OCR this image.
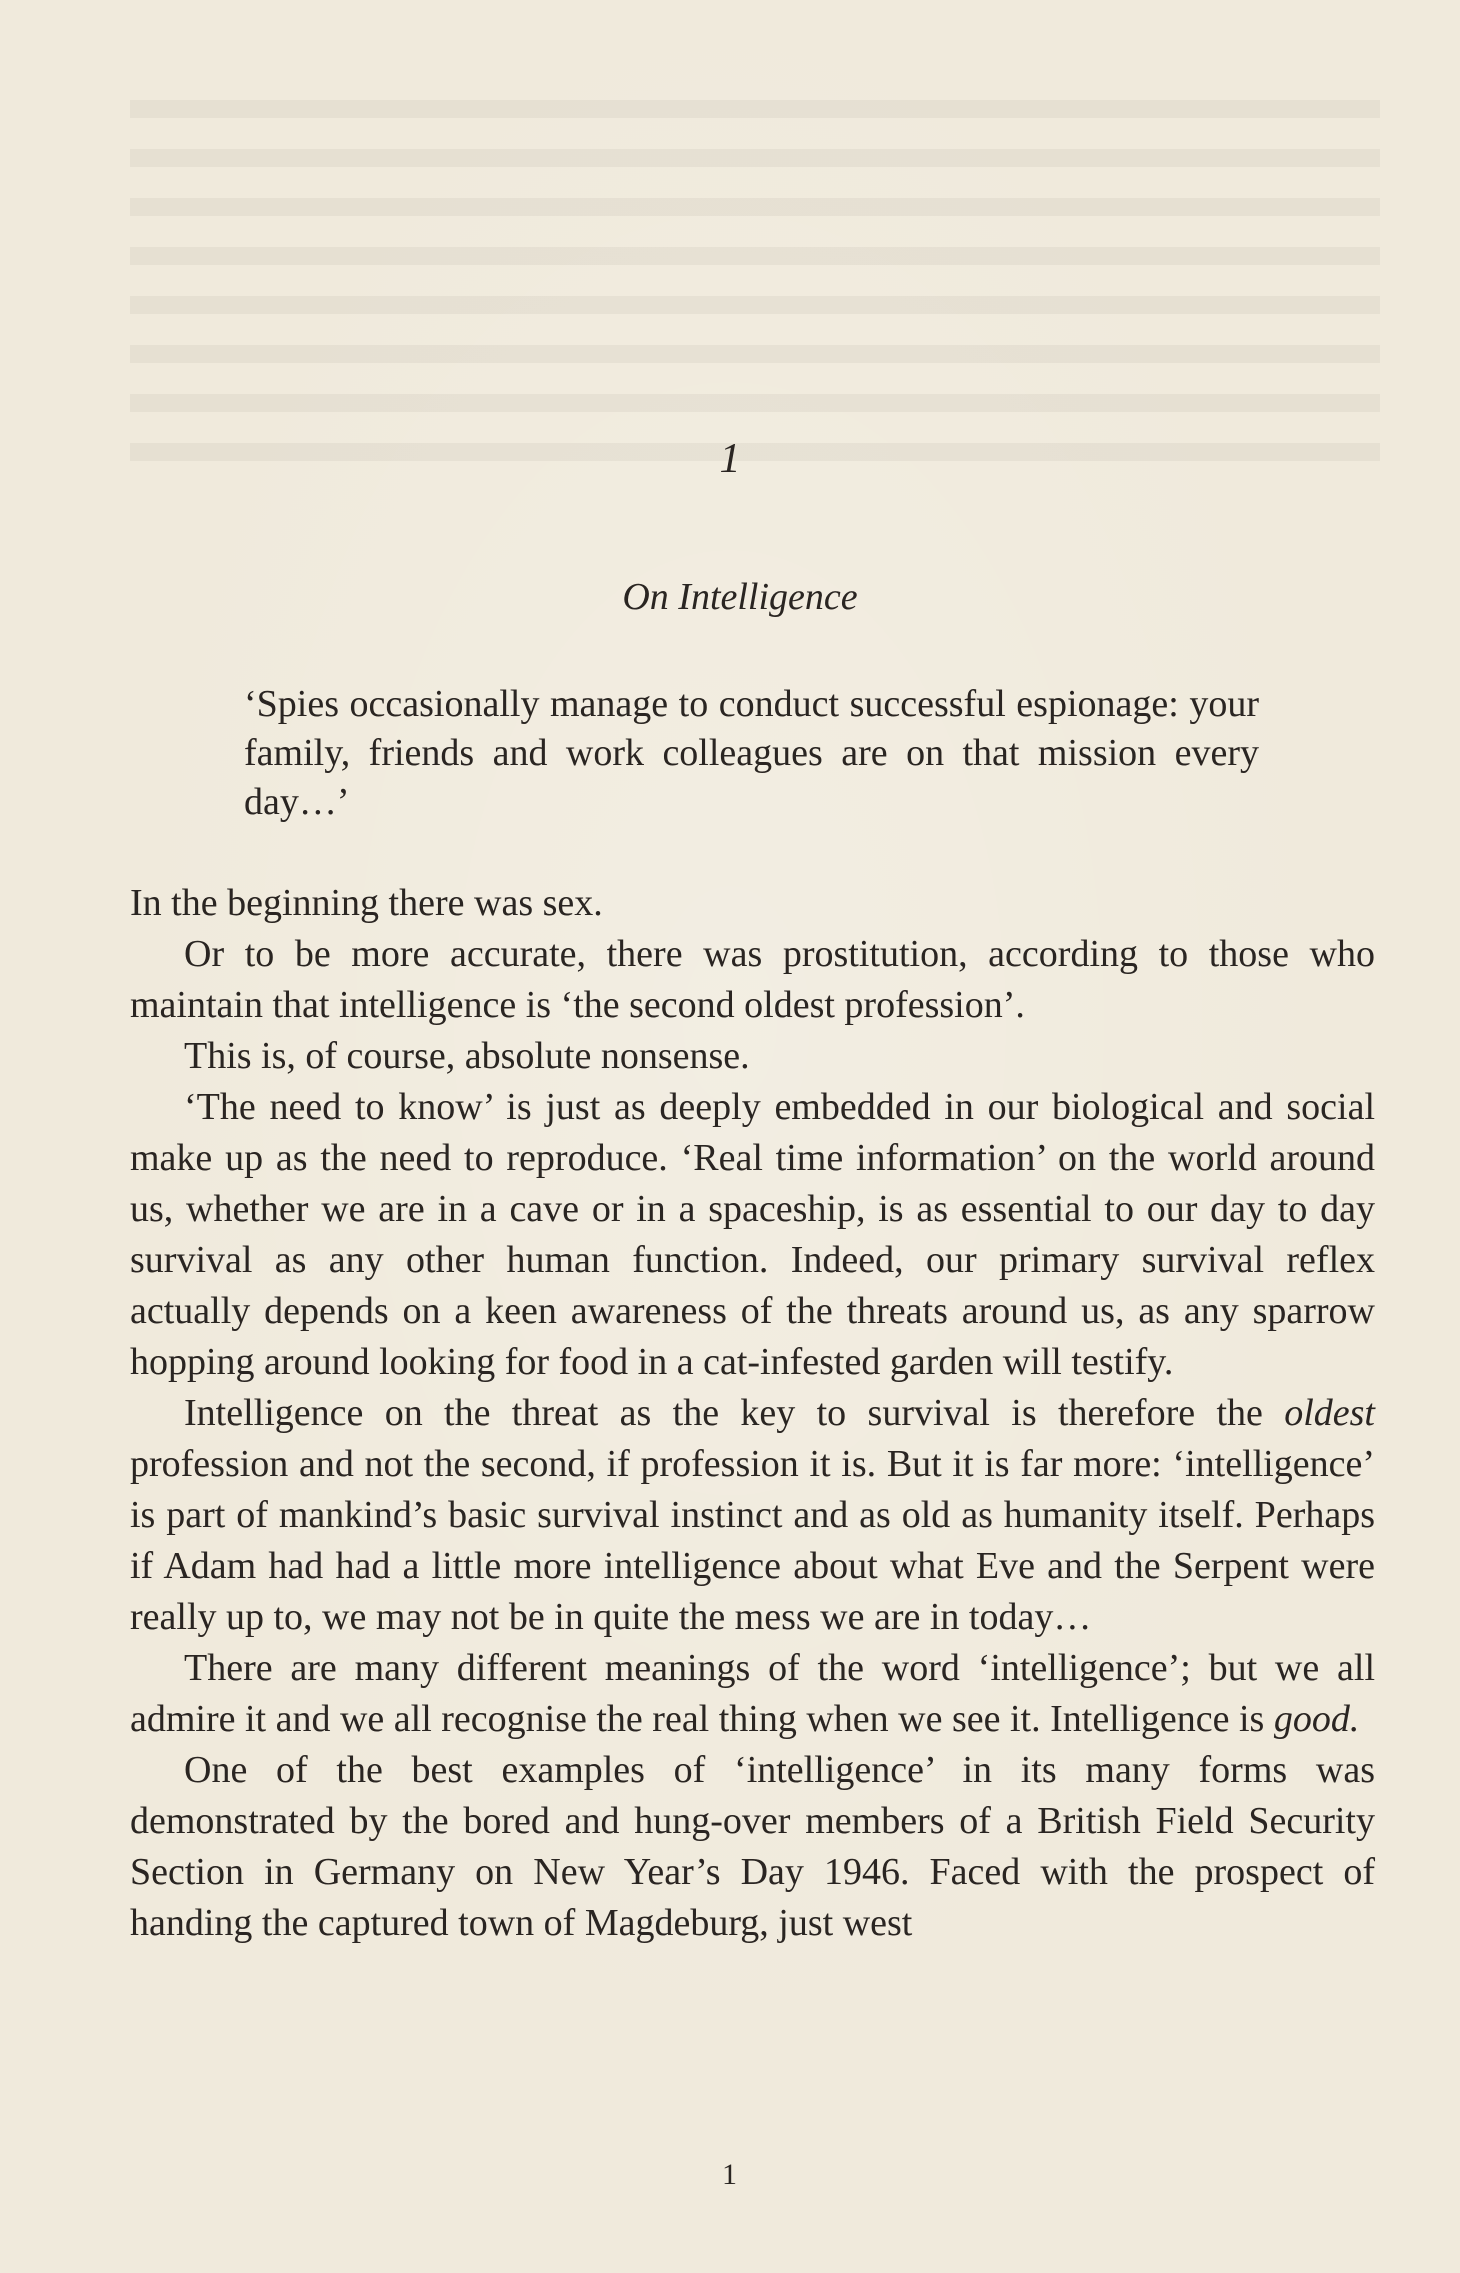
1
On Intelligence
‘Spies occasionally manage to conduct successful espionage: your family, friends and work colleagues are on that mission every day…’

In the beginning there was sex.

Or to be more accurate, there was prostitution, according to those who maintain that intelligence is ‘the second oldest profession’.

This is, of course, absolute nonsense.

‘The need to know’ is just as deeply embedded in our biological and social make up as the need to reproduce. ‘Real time information’ on the world around us, whether we are in a cave or in a spaceship, is as essential to our day to day survival as any other human function. Indeed, our primary survival reflex actually depends on a keen awareness of the threats around us, as any sparrow hopping around looking for food in a cat-infested garden will testify.

Intelligence on the threat as the key to survival is therefore the oldest profession and not the second, if profession it is. But it is far more: ‘intelligence’ is part of mankind’s basic survival instinct and as old as humanity itself. Perhaps if Adam had had a little more intelligence about what Eve and the Serpent were really up to, we may not be in quite the mess we are in today…

There are many different meanings of the word ‘intelligence’; but we all admire it and we all recognise the real thing when we see it. Intelligence is good.

One of the best examples of ‘intelligence’ in its many forms was demonstrated by the bored and hung-over members of a British Field Security Section in Germany on New Year’s Day 1946. Faced with the prospect of handing the captured town of Magdeburg, just west

1
